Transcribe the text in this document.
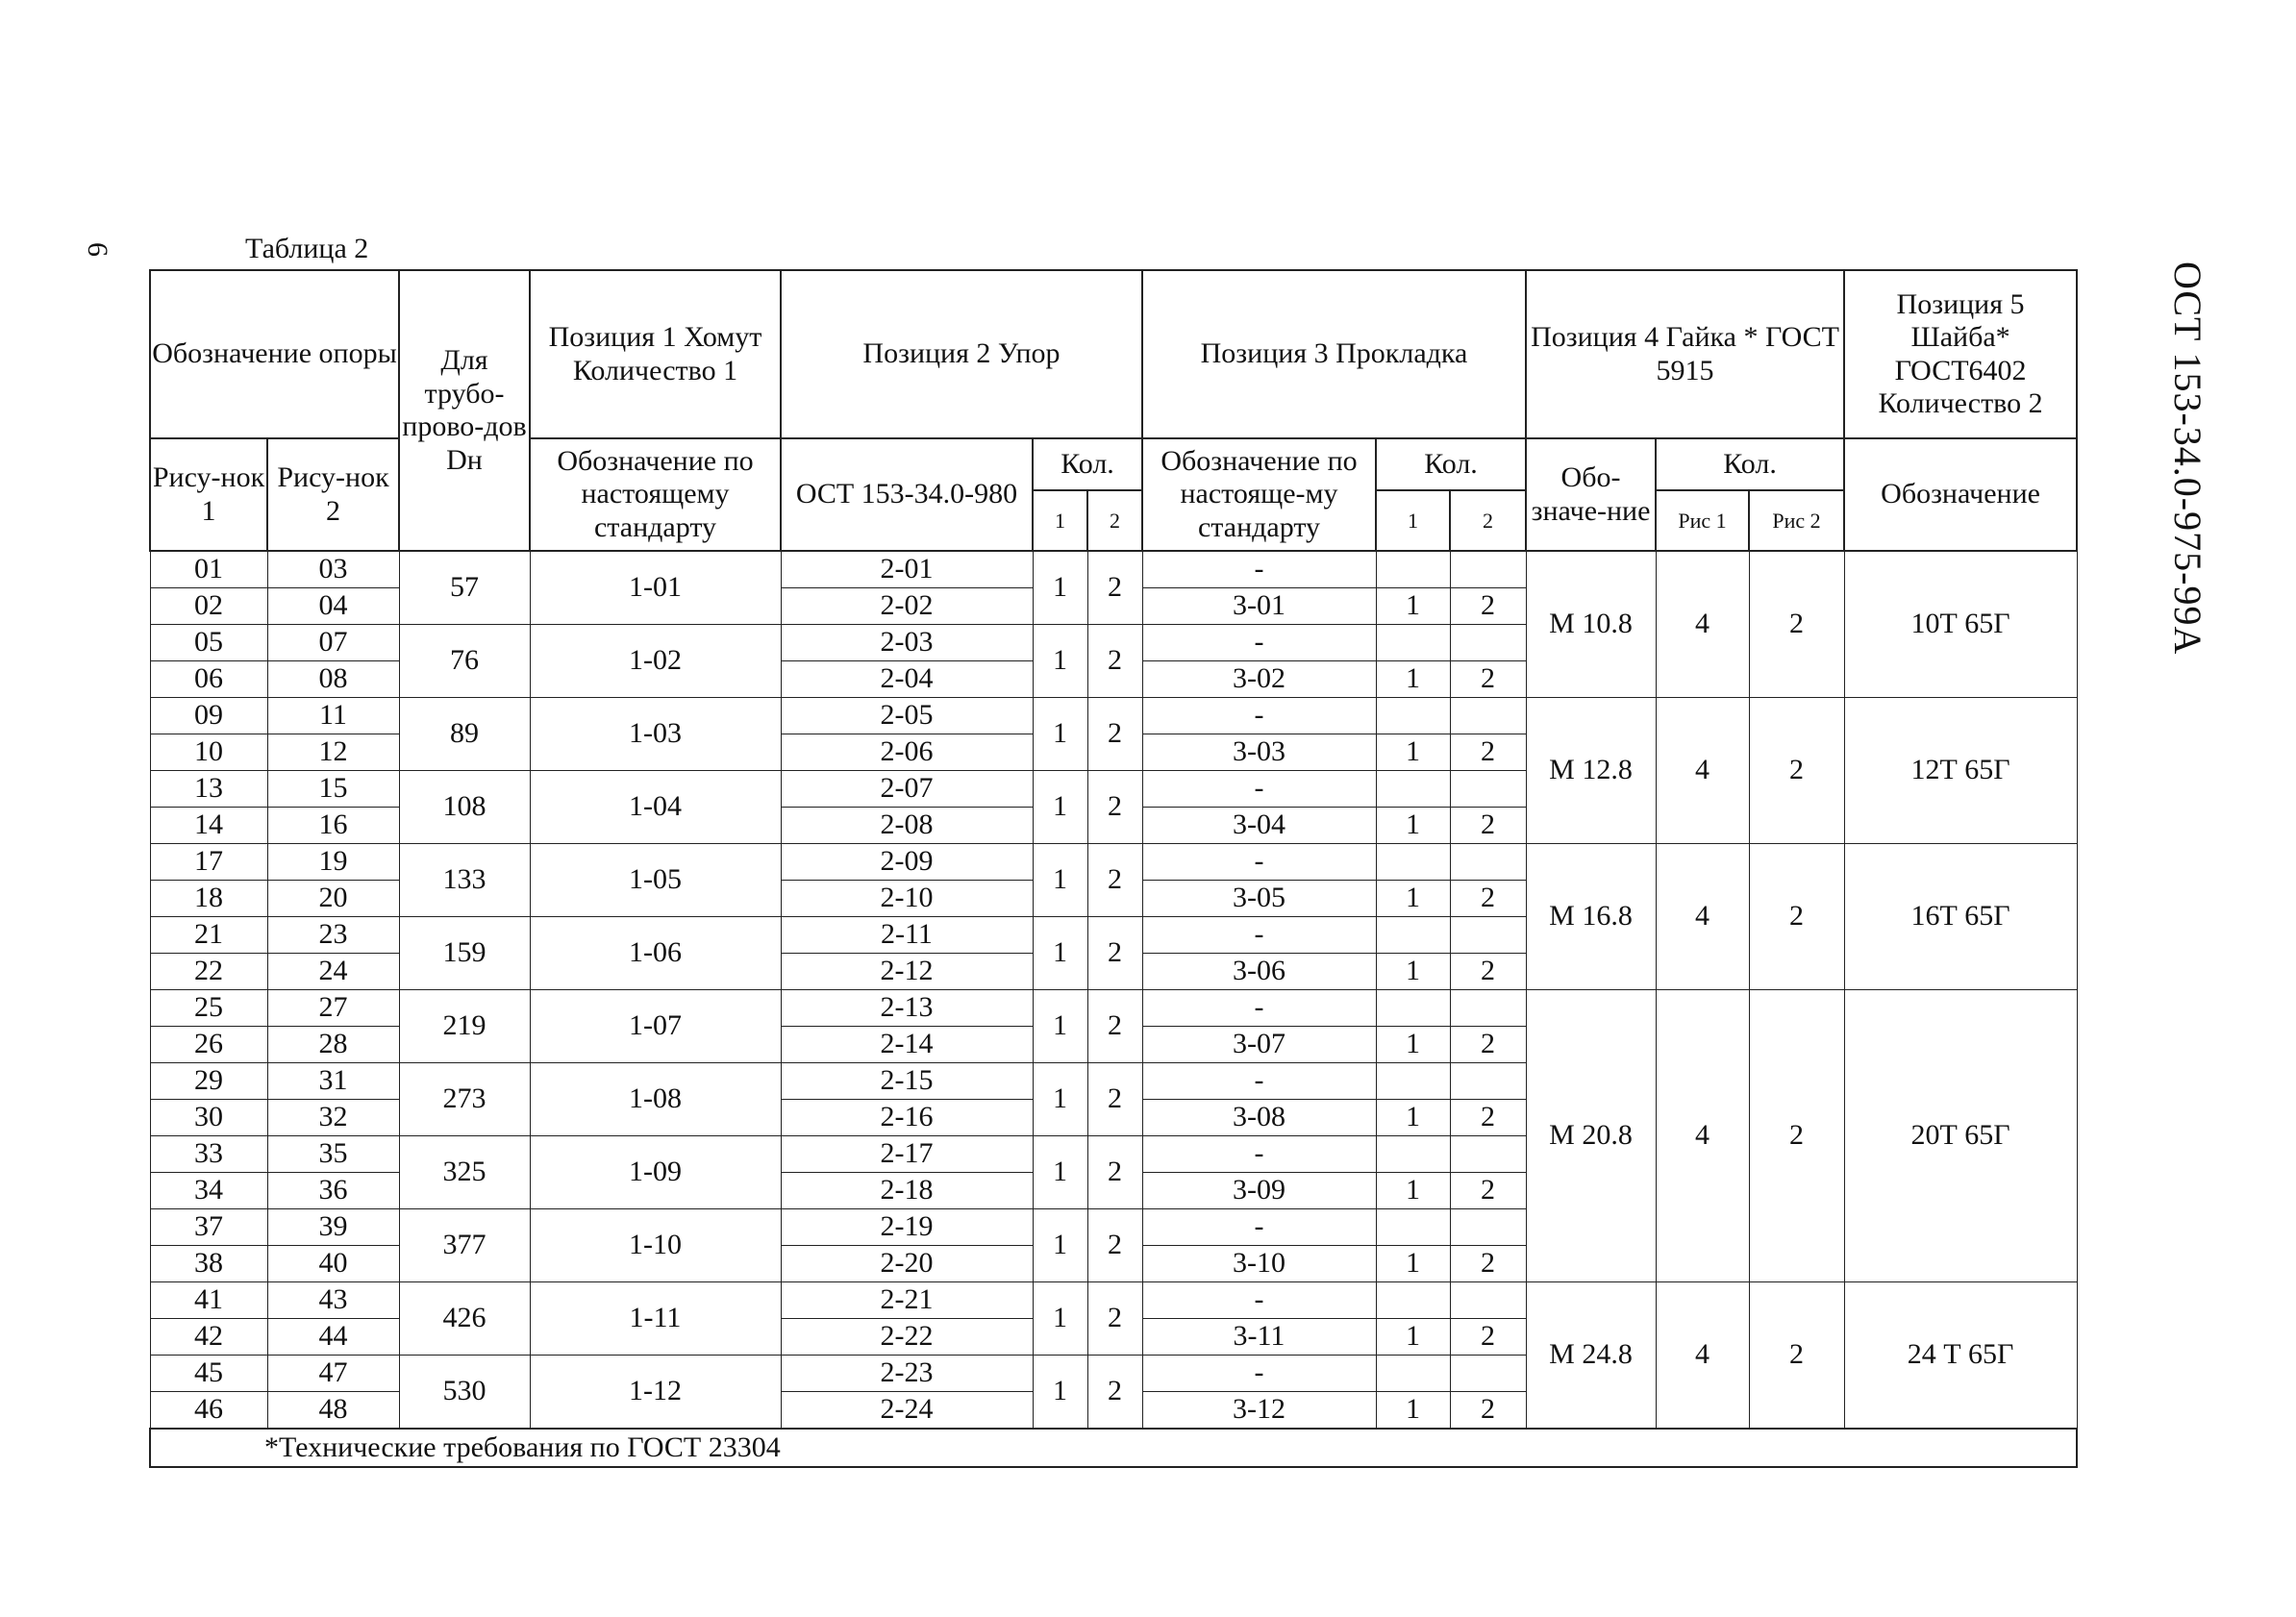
6	Таблица 2
ОСТ 153-34.0-975-99А
Обозначение опоры		Для трубо-прово-дов Dн	Позиция 1 Хомут Количество 1	Позиция 2 Упор			Позиция 3 Прокладка			Позиция 4 Гайка * ГОСТ 5915			Позиция 5 Шайба* ГОСТ6402 Количество 2
Рису-нок 1	Рису-нок 2		Обозначение по настоящему стандарту	ОСТ 153-34.0-980	Кол.		Обозначение по настояще-му стандарту	Кол.		Обо-значе-ние	Кол.		Обозначение
					1	2		1	2		Рис 1	Рис 2	
01	03	57	1-01	2-01	1	2	-			М 10.8	4	2	10Т 65Г
02	04			2-02			3-01	1	2				
05	07	76	1-02	2-03	1	2	-						
06	08			2-04			3-02	1	2				
09	11	89	1-03	2-05	1	2	-			М 12.8	4	2	12Т 65Г
10	12			2-06			3-03	1	2				
13	15	108	1-04	2-07	1	2	-						
14	16			2-08			3-04	1	2				
17	19	133	1-05	2-09	1	2	-			М 16.8	4	2	16Т 65Г
18	20			2-10			3-05	1	2				
21	23	159	1-06	2-11	1	2	-						
22	24			2-12			3-06	1	2				
25	27	219	1-07	2-13	1	2	-			М 20.8	4	2	20Т 65Г
26	28			2-14			3-07	1	2				
29	31	273	1-08	2-15	1	2	-						
30	32			2-16			3-08	1	2				
33	35	325	1-09	2-17	1	2	-						
34	36			2-18			3-09	1	2				
37	39	377	1-10	2-19	1	2	-						
38	40			2-20			3-10	1	2				
41	43	426	1-11	2-21	1	2	-			М 24.8	4	2	24 Т 65Г
42	44			2-22			3-11	1	2				
45	47	530	1-12	2-23	1	2	-						
46	48			2-24			3-12	1	2				
*Технические требования по ГОСТ 23304													
